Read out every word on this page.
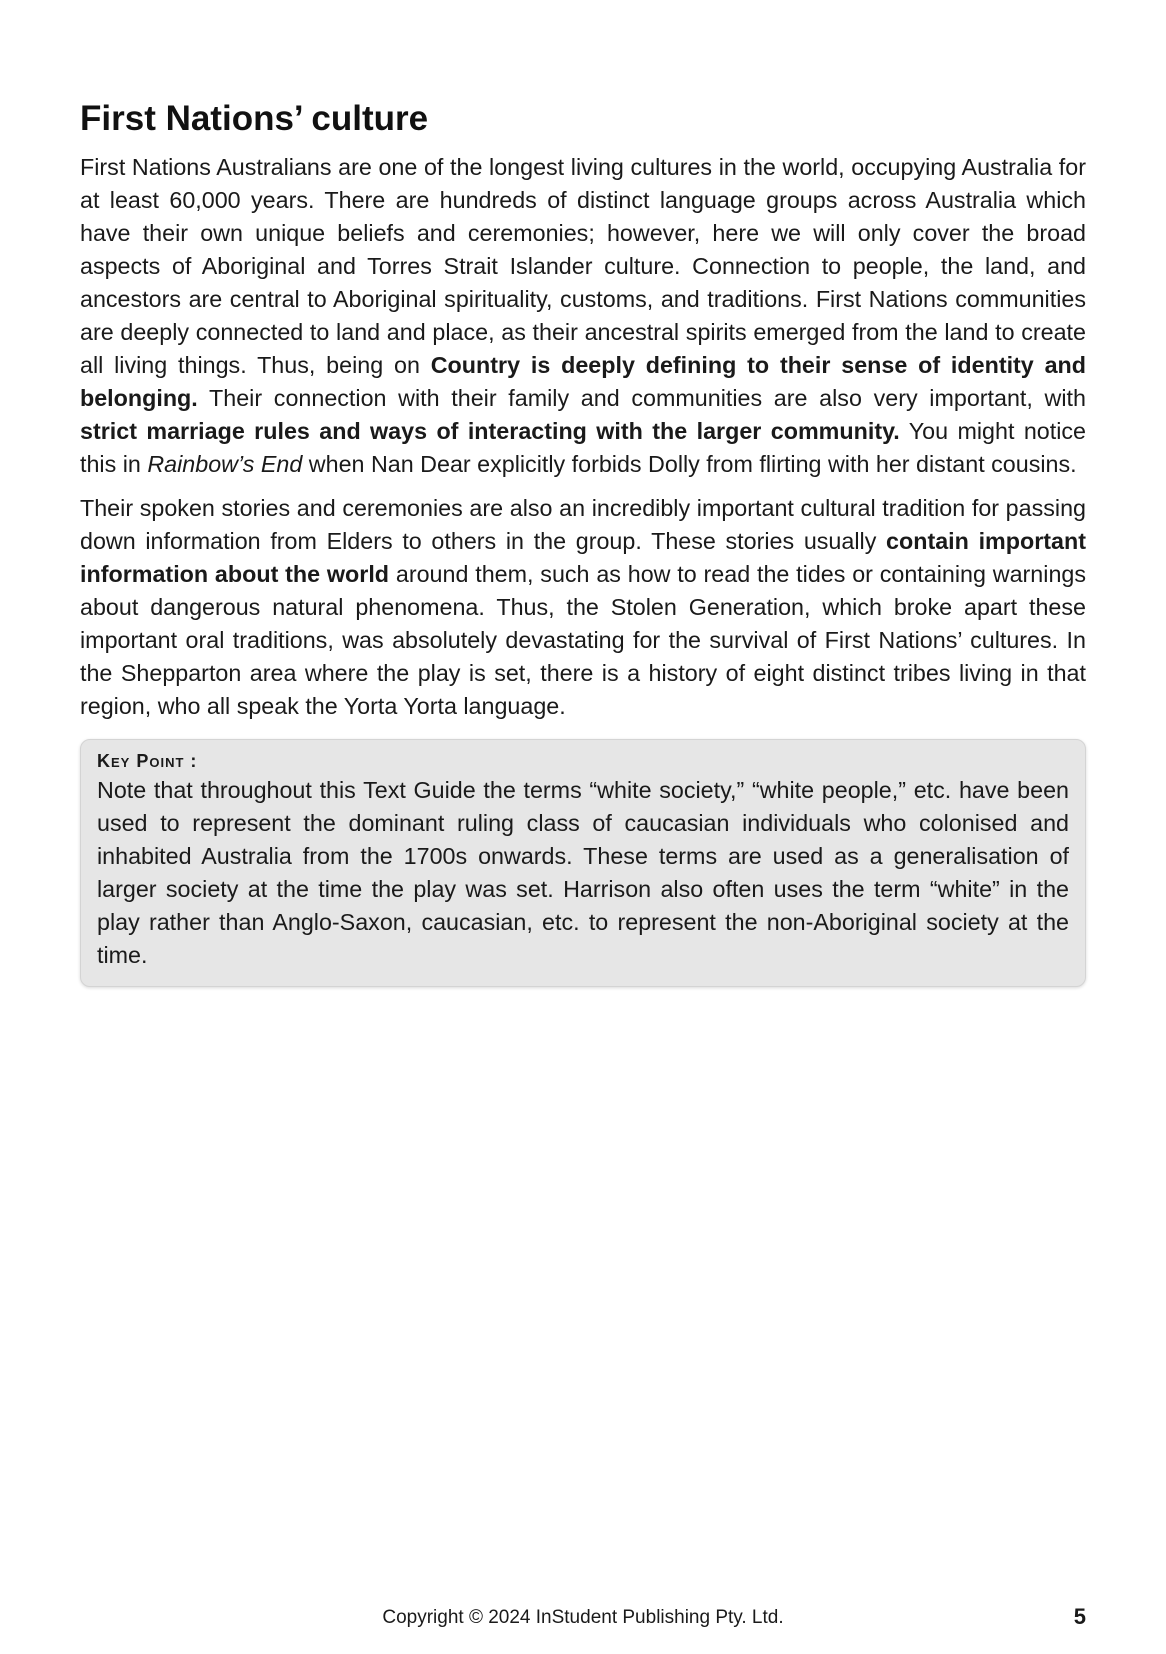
First Nations’ culture

First Nations Australians are one of the longest living cultures in the world, occupying Australia for at least 60,000 years. There are hundreds of distinct language groups across Australia which have their own unique beliefs and ceremonies; however, here we will only cover the broad aspects of Aboriginal and Torres Strait Islander culture. Connection to people, the land, and ancestors are central to Aboriginal spirituality, customs, and traditions. First Nations communities are deeply connected to land and place, as their ancestral spirits emerged from the land to create all living things. Thus, being on Country is deeply defining to their sense of identity and belonging. Their connection with their family and communities are also very important, with strict marriage rules and ways of interacting with the larger community. You might notice this in Rainbow’s End when Nan Dear explicitly forbids Dolly from flirting with her distant cousins.

Their spoken stories and ceremonies are also an incredibly important cultural tradition for passing down information from Elders to others in the group. These stories usually contain important information about the world around them, such as how to read the tides or containing warnings about dangerous natural phenomena. Thus, the Stolen Generation, which broke apart these important oral traditions, was absolutely devastating for the survival of First Nations’ cultures. In the Shepparton area where the play is set, there is a history of eight distinct tribes living in that region, who all speak the Yorta Yorta language.

Key Point :

Note that throughout this Text Guide the terms “white society,” “white people,” etc. have been used to represent the dominant ruling class of caucasian individuals who colonised and inhabited Australia from the 1700s onwards. These terms are used as a generalisation of larger society at the time the play was set. Harrison also often uses the term “white” in the play rather than Anglo-Saxon, caucasian, etc. to represent the non-Aboriginal society at the time.

Copyright © 2024 InStudent Publishing Pty. Ltd.	5
